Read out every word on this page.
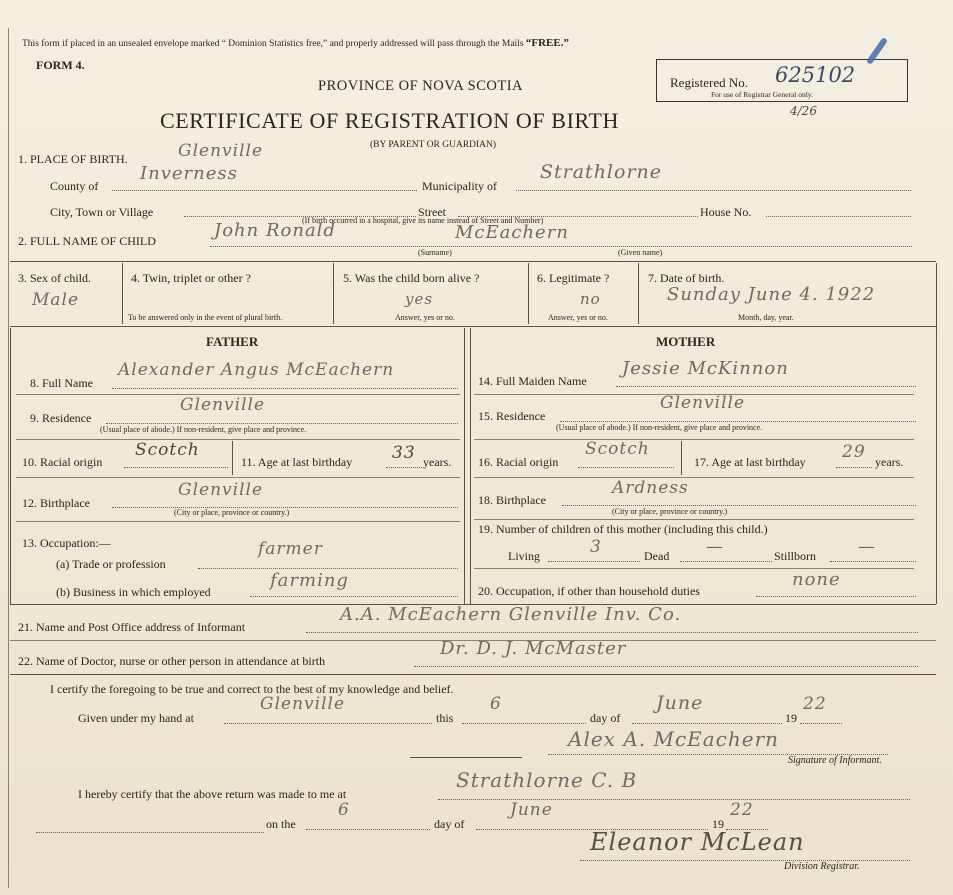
This form if placed in an unsealed envelope marked “ Dominion Statistics free,” and properly addressed will pass through the Mails “FREE.”
FORM 4.
PROVINCE OF NOVA SCOTIA
CERTIFICATE OF REGISTRATION OF BIRTH
(BY PARENT OR GUARDIAN)
Registered No. 625102
For use of Registrar General only.
4/26
1. PLACE OF BIRTH.	Glenville
County of
Inverness
Municipality of
Strathlorne
City, Town or Village	Street	House No.
(If birth occurred in a hospital, give its name instead of Street and Number)
2. FULL NAME OF CHILD	John Ronald	McEachern
(Surname)	(Given name)
3. Sex of child.
Male
4. Twin, triplet or other ?
To be answered only in the event of plural birth.
5. Was the child born alive ?
yes
Answer, yes or no.
6. Legitimate ?
no
Answer, yes or no.
7. Date of birth.
Sunday June 4. 1922
Month, day, year.
FATHER	MOTHER
8. Full Name
Alexander Angus McEachern
9. Residence
Glenville
(Usual place of abode.) If non-resident, give place and province.
10. Racial origin
Scotch
11. Age at last birthday 33 years.
12. Birthplace
Glenville
(City or place, province or country.)
13. Occupation:—
(a) Trade or profession
farmer
(b) Business in which employed
farming
14. Full Maiden Name
Jessie McKinnon
15. Residence
Glenville
(Usual place of abode.) If non-resident, give place and province.
16. Racial origin
Scotch
17. Age at last birthday 29 years.
18. Birthplace
Ardness
(City or place, province or country.)
19. Number of children of this mother (including this child.)
Living	3	Dead —	Stillborn —
20. Occupation, if other than household duties
none
21. Name and Post Office address of Informant
A.A. McEachern Glenville Inv. Co.
22. Name of Doctor, nurse or other person in attendance at birth
Dr. D. J. McMaster
I certify the foregoing to be true and correct to the best of my knowledge and belief.
Given under my hand at
Glenville
this
6
day of
June
19
22
Alex A. McEachern
Signature of Informant.
I hereby certify that the above return was made to me at
Strathlorne C. B
on the
6
day of
June
19
22
Eleanor McLean
Division Registrar.
